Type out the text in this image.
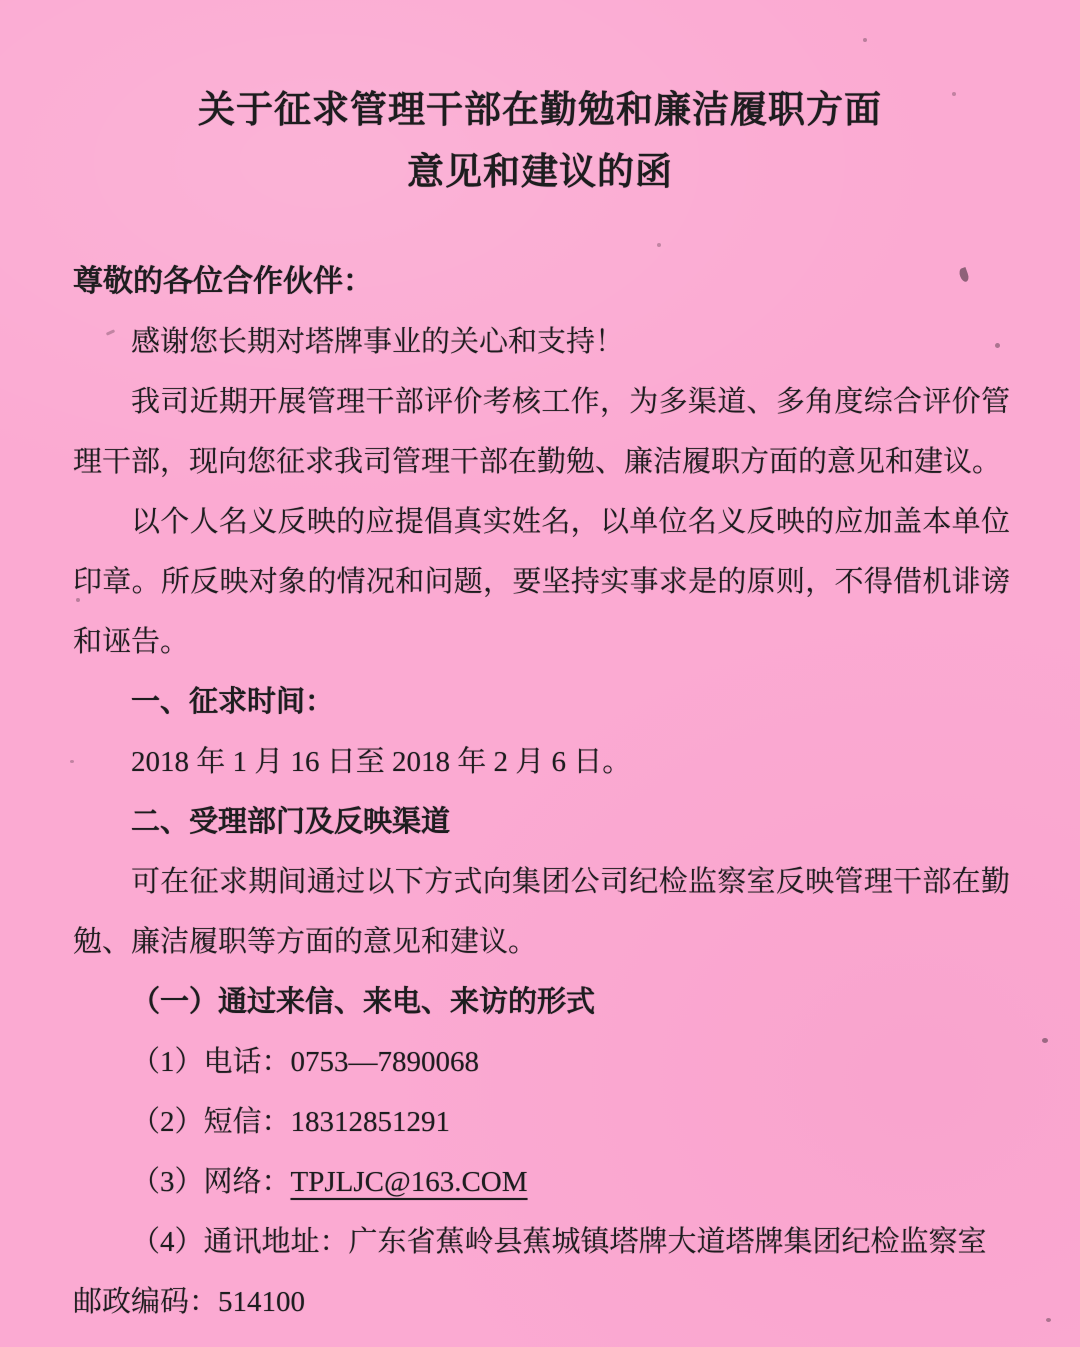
关于征求管理干部在勤勉和廉洁履职方面
意见和建议的函

尊敬的各位合作伙伴：

感谢您长期对塔牌事业的关心和支持！

我司近期开展管理干部评价考核工作，为多渠道、多角度综合评价管理干部，现向您征求我司管理干部在勤勉、廉洁履职方面的意见和建议。

以个人名义反映的应提倡真实姓名，以单位名义反映的应加盖本单位印章。所反映对象的情况和问题，要坚持实事求是的原则，不得借机诽谤和诬告。

一、征求时间：

2018 年 1 月 16 日至 2018 年 2 月 6 日。

二、受理部门及反映渠道

可在征求期间通过以下方式向集团公司纪检监察室反映管理干部在勤勉、廉洁履职等方面的意见和建议。

（一）通过来信、来电、来访的形式

（1）电话：0753—7890068

（2）短信：18312851291

（3）网络：TPJLJC@163.COM

（4）通讯地址：广东省蕉岭县蕉城镇塔牌大道塔牌集团纪检监察室

邮政编码：514100
